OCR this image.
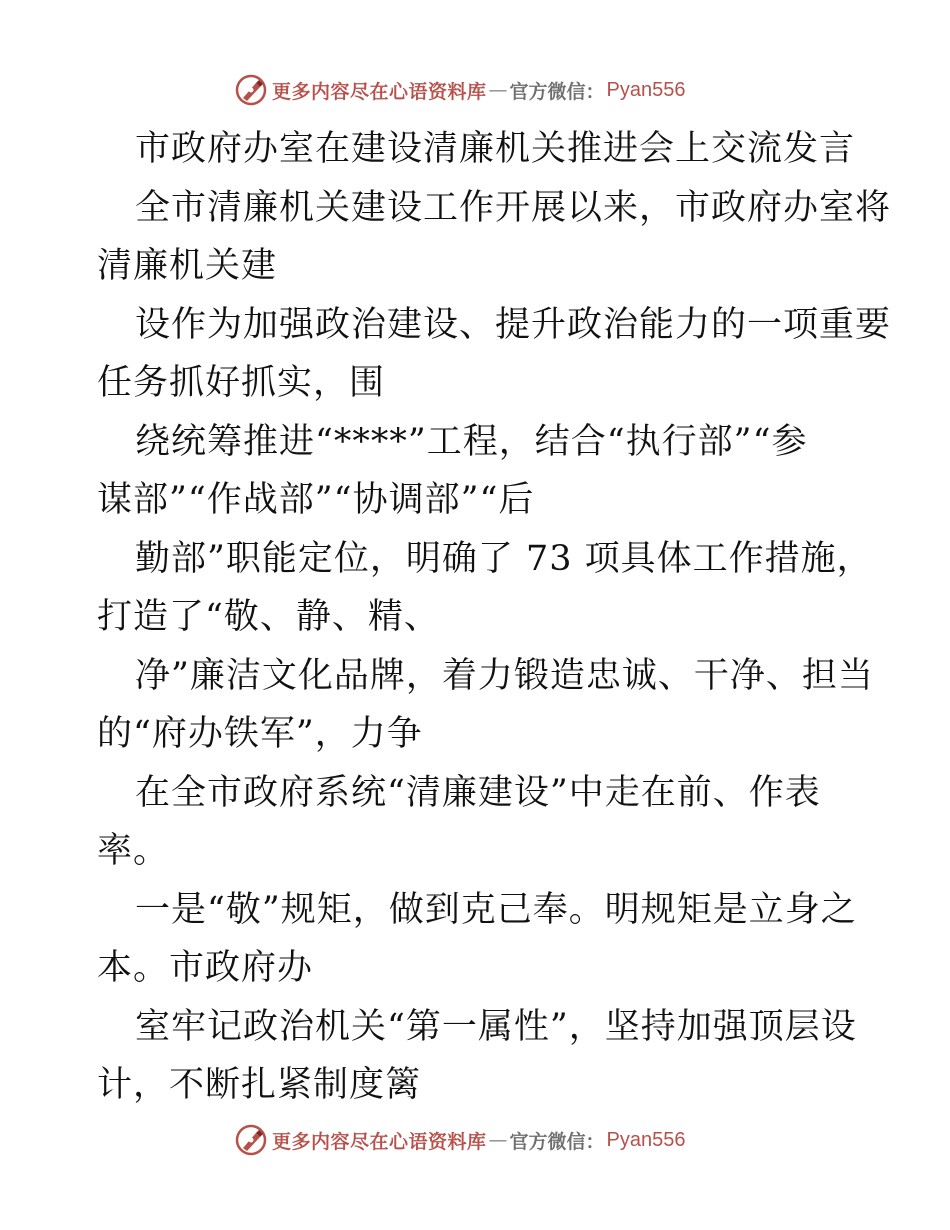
更多内容尽在心语资料库 — 官方微信： Pyan556
市政府办室在建设清廉机关推进会上交流发言
全市清廉机关建设工作开展以来，市政府办室将
清廉机关建
设作为加强政治建设、提升政治能力的一项重要
任务抓好抓实，围
绕统筹推进“****”工程，结合“执行部”“参
谋部”“作战部”“协调部”“后
勤部”职能定位，明确了 73 项具体工作措施，
打造了“敬、静、精、
净”廉洁文化品牌，着力锻造忠诚、干净、担当
的“府办铁军”，力争
在全市政府系统“清廉建设”中走在前、作表
率。
一是“敬”规矩，做到克己奉。明规矩是立身之
本。市政府办
室牢记政治机关“第一属性”，坚持加强顶层设
计，不断扎紧制度篱
更多内容尽在心语资料库 — 官方微信： Pyan556
